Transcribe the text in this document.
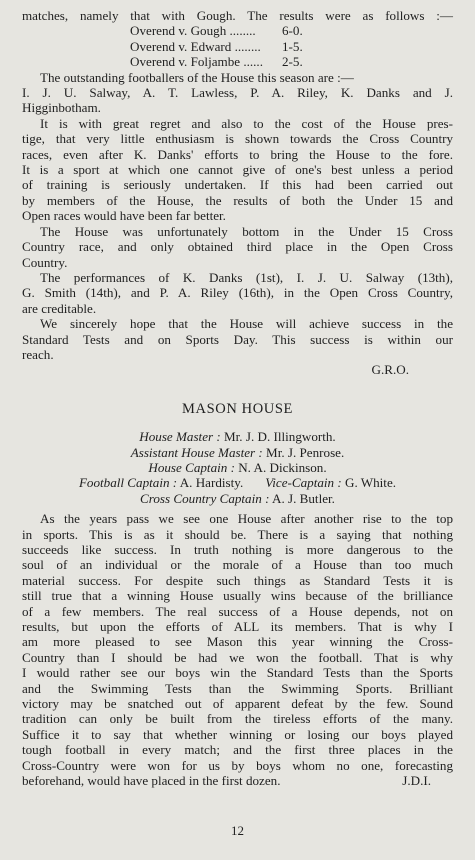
matches, namely that with Gough. The results were as follows :—
Overend v. Gough ........	6-0.
Overend v. Edward ........	1-5.
Overend v. Foljambe ......	2-5.
The outstanding footballers of the House this season are :—
I. J. U. Salway, A. T. Lawless, P. A. Riley, K. Danks and J.
Higginbotham.
It is with great regret and also to the cost of the House pres-
tige, that very little enthusiasm is shown towards the Cross Country
races, even after K. Danks' efforts to bring the House to the fore.
It is a sport at which one cannot give of one's best unless a period
of training is seriously undertaken. If this had been carried out
by members of the House, the results of both the Under 15 and
Open races would have been far better.
The House was unfortunately bottom in the Under 15 Cross
Country race, and only obtained third place in the Open Cross
Country.
The performances of K. Danks (1st), I. J. U. Salway (13th),
G. Smith (14th), and P. A. Riley (16th), in the Open Cross Country,
are creditable.
We sincerely hope that the House will achieve success in the
Standard Tests and on Sports Day. This success is within our
reach.
G.R.O.
MASON HOUSE
House Master : Mr. J. D. Illingworth.
Assistant House Master : Mr. J. Penrose.
House Captain : N. A. Dickinson.
Football Captain : A. Hardisty. Vice-Captain : G. White.
Cross Country Captain : A. J. Butler.
As the years pass we see one House after another rise to the top
in sports. This is as it should be. There is a saying that nothing
succeeds like success. In truth nothing is more dangerous to the
soul of an individual or the morale of a House than too much
material success. For despite such things as Standard Tests it is
still true that a winning House usually wins because of the brilliance
of a few members. The real success of a House depends, not on
results, but upon the efforts of ALL its members. That is why I
am more pleased to see Mason this year winning the Cross-
Country than I should be had we won the football. That is why
I would rather see our boys win the Standard Tests than the Sports
and the Swimming Tests than the Swimming Sports. Brilliant
victory may be snatched out of apparent defeat by the few. Sound
tradition can only be built from the tireless efforts of the many.
Suffice it to say that whether winning or losing our boys played
tough football in every match; and the first three places in the
Cross-Country were won for us by boys whom no one, forecasting
beforehand, would have placed in the first dozen.	J.D.I.
12
